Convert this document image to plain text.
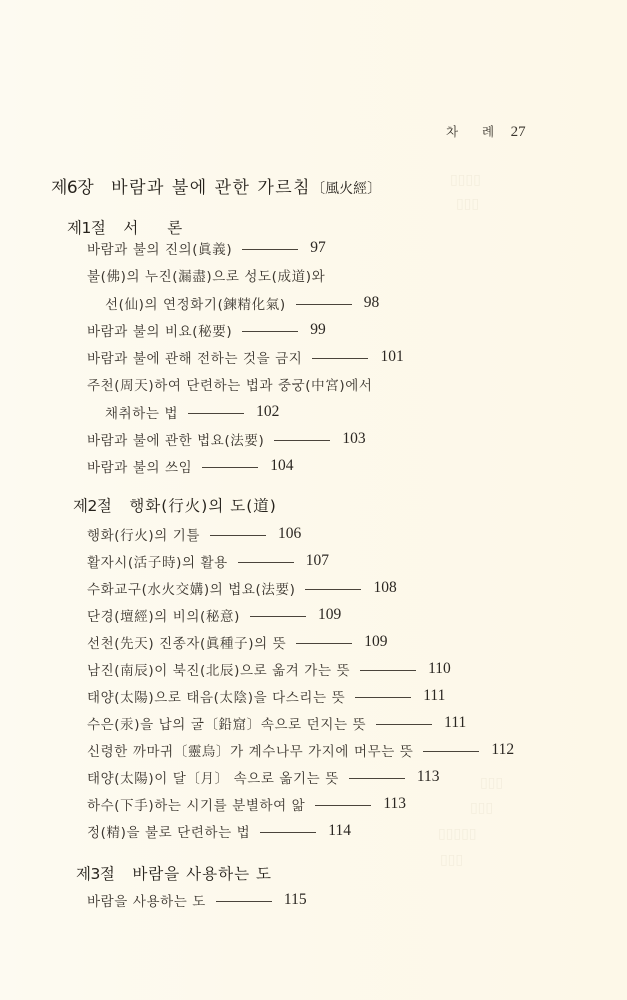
▯▯▯▯
▯▯▯
▯▯▯
▯▯▯
▯▯▯▯▯
▯▯▯
차 례 27
제6장 바람과 불에 관한 가르침〔風火經〕
제1절 서 론
바람과 불의 진의(眞義)	97
불(佛)의 누진(漏盡)으로 성도(成道)와
선(仙)의 연정화기(鍊精化氣)	98
바람과 불의 비요(秘要)	99
바람과 불에 관해 전하는 것을 금지	101
주천(周天)하여 단련하는 법과 중궁(中宮)에서
채취하는 법	102
바람과 불에 관한 법요(法要)	103
바람과 불의 쓰임	104
제2절 행화(行火)의 도(道)
행화(行火)의 기틀	106
활자시(活子時)의 활용	107
수화교구(水火交媾)의 법요(法要)	108
단경(壇經)의 비의(秘意)	109
선천(先天) 진종자(眞種子)의 뜻	109
남진(南辰)이 북진(北辰)으로 옮겨 가는 뜻	110
태양(太陽)으로 태음(太陰)을 다스리는 뜻	111
수은(汞)을 납의 굴〔鉛窟〕속으로 던지는 뜻	111
신령한 까마귀〔靈烏〕가 계수나무 가지에 머무는 뜻	112
태양(太陽)이 달〔月〕 속으로 옮기는 뜻	113
하수(下手)하는 시기를 분별하여 앎	113
정(精)을 불로 단련하는 법	114
제3절 바람을 사용하는 도
바람을 사용하는 도	115
